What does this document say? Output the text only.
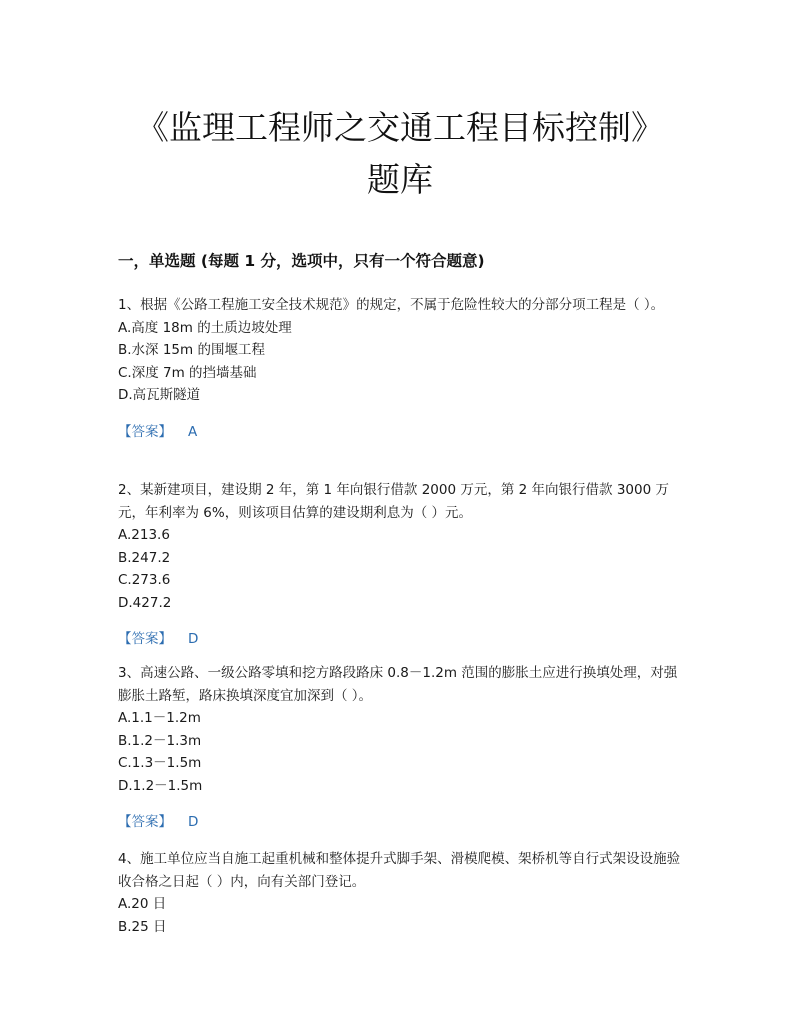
《监理工程师之交通工程目标控制》
题库
一，单选题 (每题 1 分，选项中，只有一个符合题意)

1、根据《公路工程施工安全技术规范》的规定，不属于危险性较大的分部分项工程是（ ）。

A.高度 18m 的土质边坡处理

B.水深 15m 的围堰工程

C.深度 7m 的挡墙基础

D.高瓦斯隧道

【答案】 A

2、某新建项目，建设期 2 年，第 1 年向银行借款 2000 万元，第 2 年向银行借款 3000 万元，年利率为 6%，则该项目估算的建设期利息为（ ）元。

A.213.6

B.247.2

C.273.6

D.427.2

【答案】 D

3、高速公路、一级公路零填和挖方路段路床 0.8－1.2m 范围的膨胀土应进行换填处理，对强膨胀土路堑，路床换填深度宜加深到（ ）。

A.1.1－1.2m

B.1.2－1.3m

C.1.3－1.5m

D.1.2－1.5m

【答案】 D

4、施工单位应当自施工起重机械和整体提升式脚手架、滑模爬模、架桥机等自行式架设设施验收合格之日起（ ）内，向有关部门登记。

A.20 日

B.25 日
